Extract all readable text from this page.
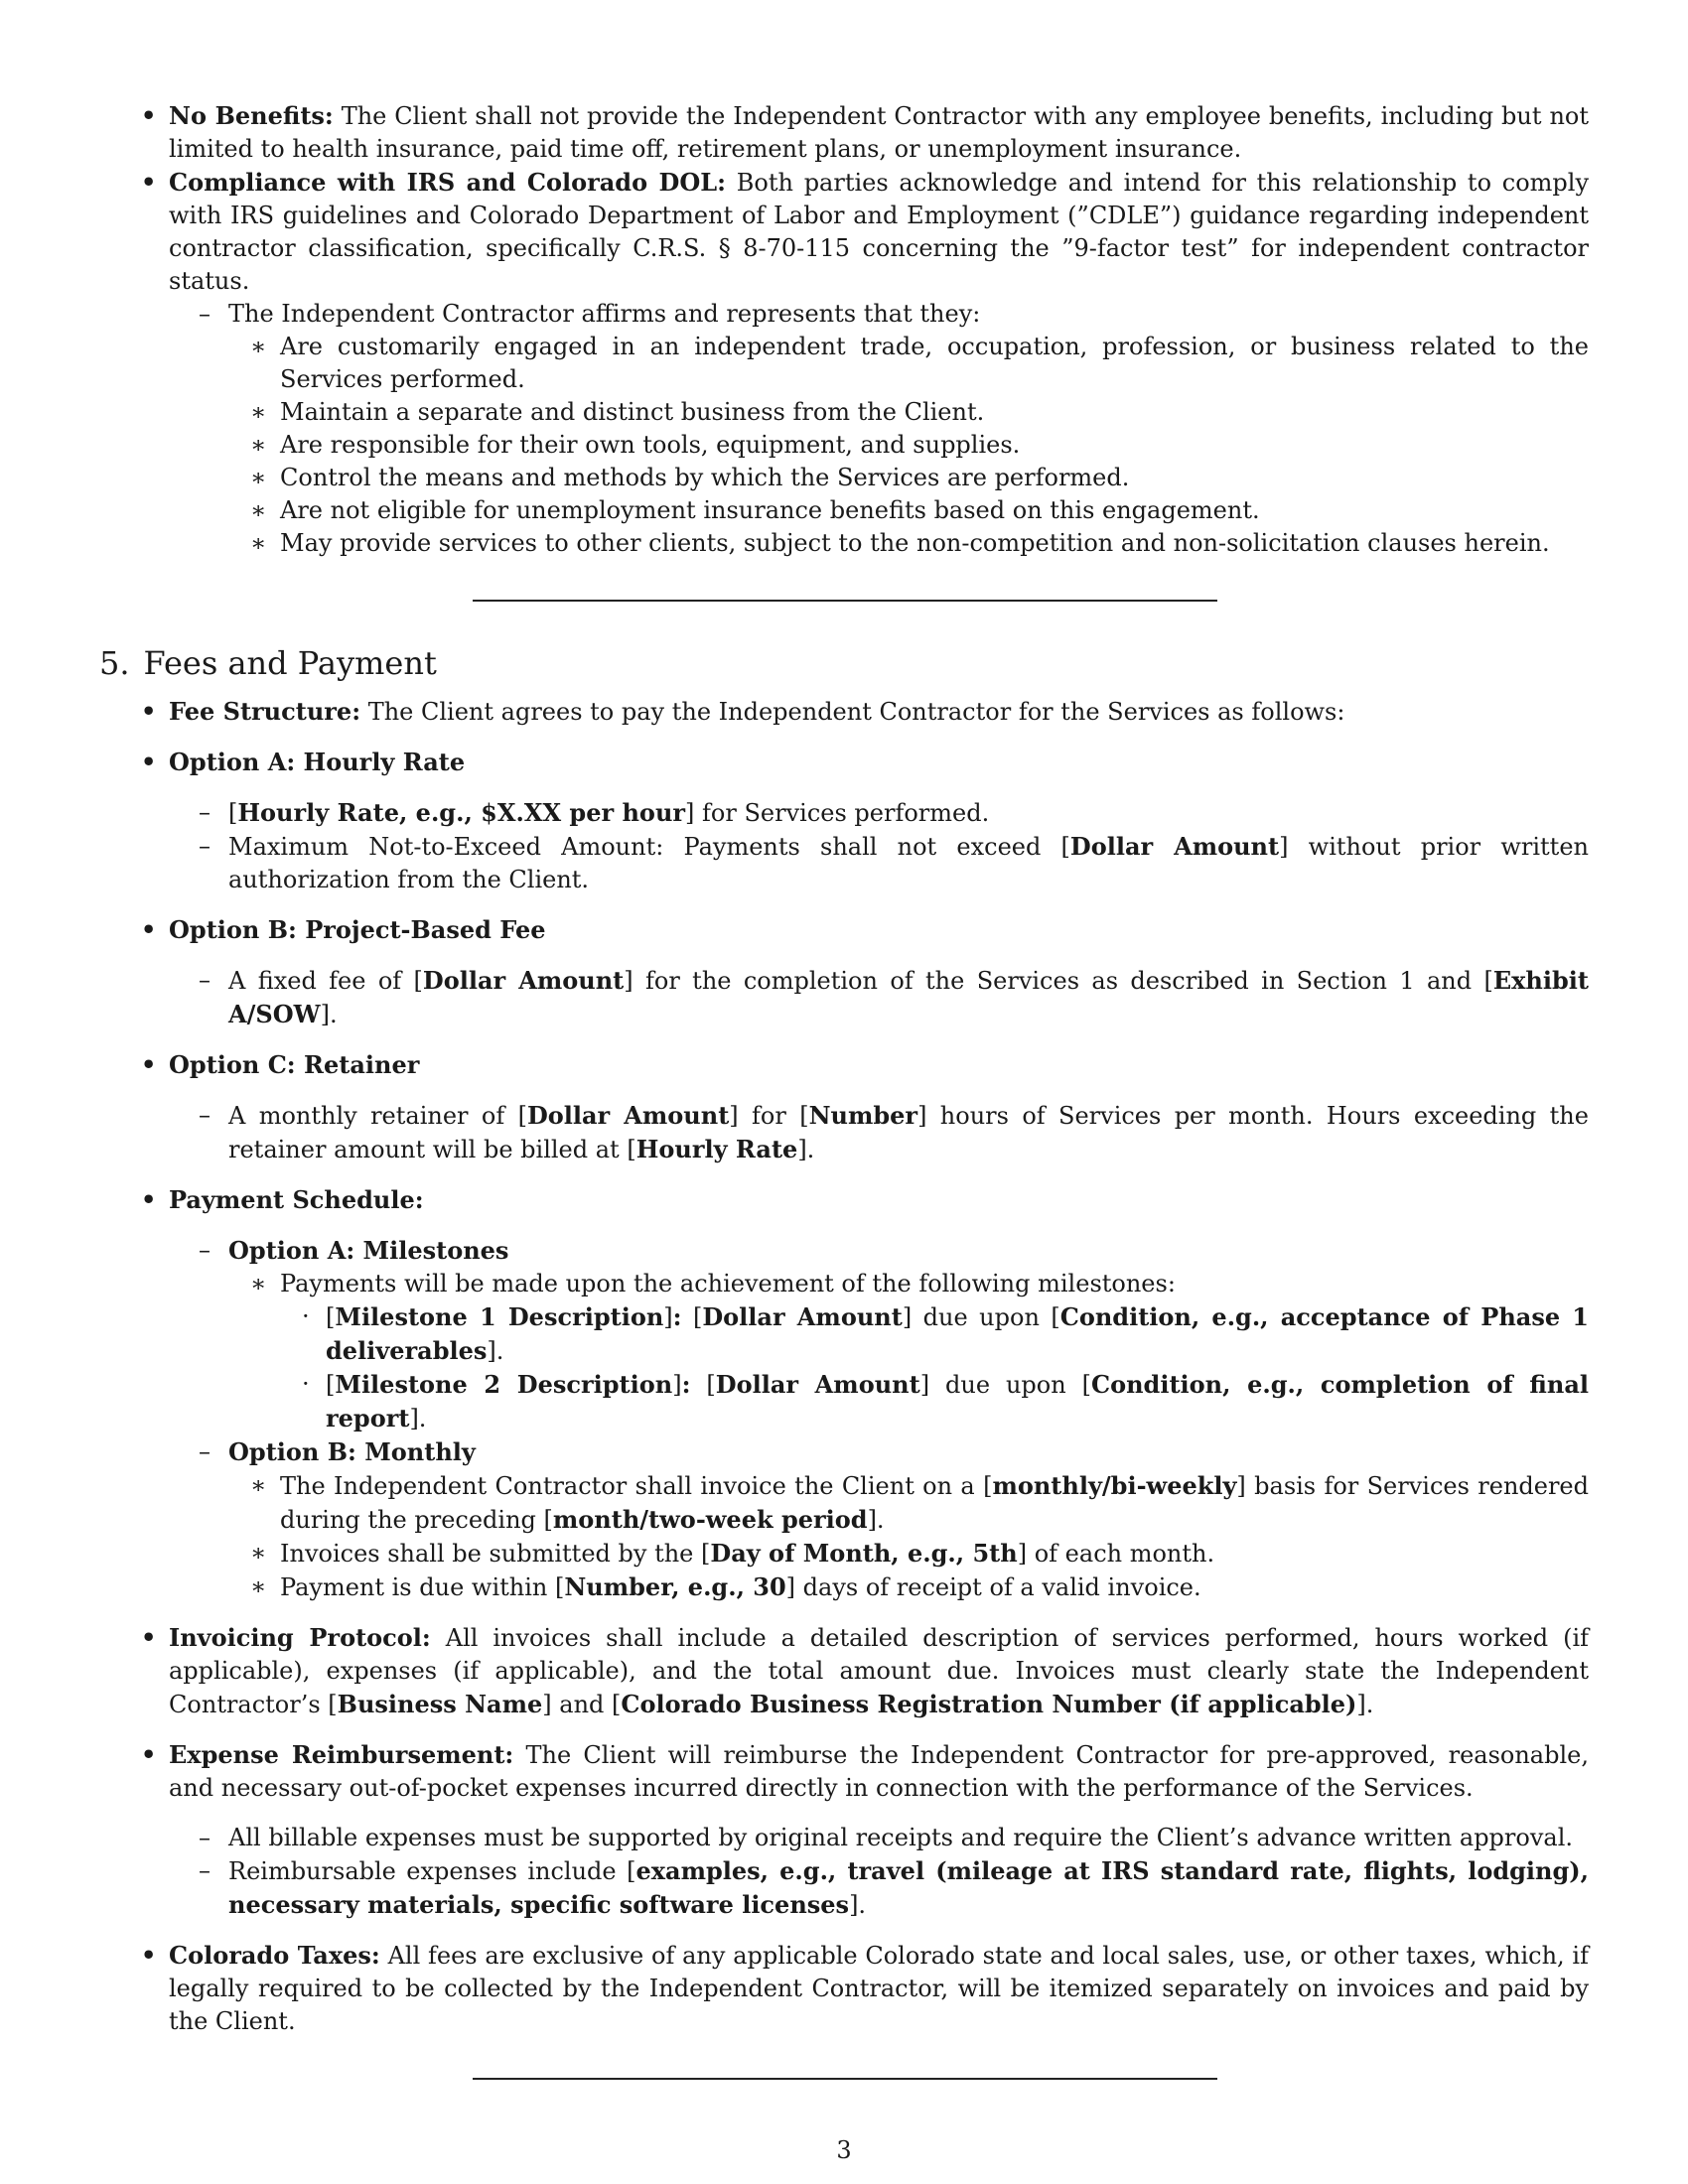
• No Benefits: The Client shall not provide the Independent Contractor with any employee benefits, including but not limited to health insurance, paid time off, retirement plans, or unemployment insurance.
• Compliance with IRS and Colorado DOL: Both parties acknowledge and intend for this relationship to comply with IRS guidelines and Colorado Department of Labor and Employment (”CDLE”) guidance regarding independent contractor classification, specifically C.R.S. § 8-70-115 concerning the ”9-factor test” for independent contractor status.
– The Independent Contractor affirms and represents that they:
∗ Are customarily engaged in an independent trade, occupation, profession, or business related to the Services performed.
∗ Maintain a separate and distinct business from the Client.
∗ Are responsible for their own tools, equipment, and supplies.
∗ Control the means and methods by which the Services are performed.
∗ Are not eligible for unemployment insurance benefits based on this engagement.
∗ May provide services to other clients, subject to the non-competition and non-solicitation clauses herein.
5. Fees and Payment
• Fee Structure: The Client agrees to pay the Independent Contractor for the Services as follows:
• Option A: Hourly Rate
– [Hourly Rate, e.g., $X.XX per hour] for Services performed.
– Maximum Not-to-Exceed Amount: Payments shall not exceed [Dollar Amount] without prior written authorization from the Client.
• Option B: Project-Based Fee
– A fixed fee of [Dollar Amount] for the completion of the Services as described in Section 1 and [Exhibit A/SOW].
• Option C: Retainer
– A monthly retainer of [Dollar Amount] for [Number] hours of Services per month. Hours exceeding the retainer amount will be billed at [Hourly Rate].
• Payment Schedule:
– Option A: Milestones
∗ Payments will be made upon the achievement of the following milestones:
· [Milestone 1 Description]: [Dollar Amount] due upon [Condition, e.g., acceptance of Phase 1 deliverables].
· [Milestone 2 Description]: [Dollar Amount] due upon [Condition, e.g., completion of final report].
– Option B: Monthly
∗ The Independent Contractor shall invoice the Client on a [monthly/bi-weekly] basis for Services rendered during the preceding [month/two-week period].
∗ Invoices shall be submitted by the [Day of Month, e.g., 5th] of each month.
∗ Payment is due within [Number, e.g., 30] days of receipt of a valid invoice.
• Invoicing Protocol: All invoices shall include a detailed description of services performed, hours worked (if applicable), expenses (if applicable), and the total amount due. Invoices must clearly state the Independent Contractor’s [Business Name] and [Colorado Business Registration Number (if applicable)].
• Expense Reimbursement: The Client will reimburse the Independent Contractor for pre-approved, reasonable, and necessary out-of-pocket expenses incurred directly in connection with the performance of the Services.
– All billable expenses must be supported by original receipts and require the Client’s advance written approval.
– Reimbursable expenses include [examples, e.g., travel (mileage at IRS standard rate, flights, lodging), necessary materials, specific software licenses].
• Colorado Taxes: All fees are exclusive of any applicable Colorado state and local sales, use, or other taxes, which, if legally required to be collected by the Independent Contractor, will be itemized separately on invoices and paid by the Client.
3
